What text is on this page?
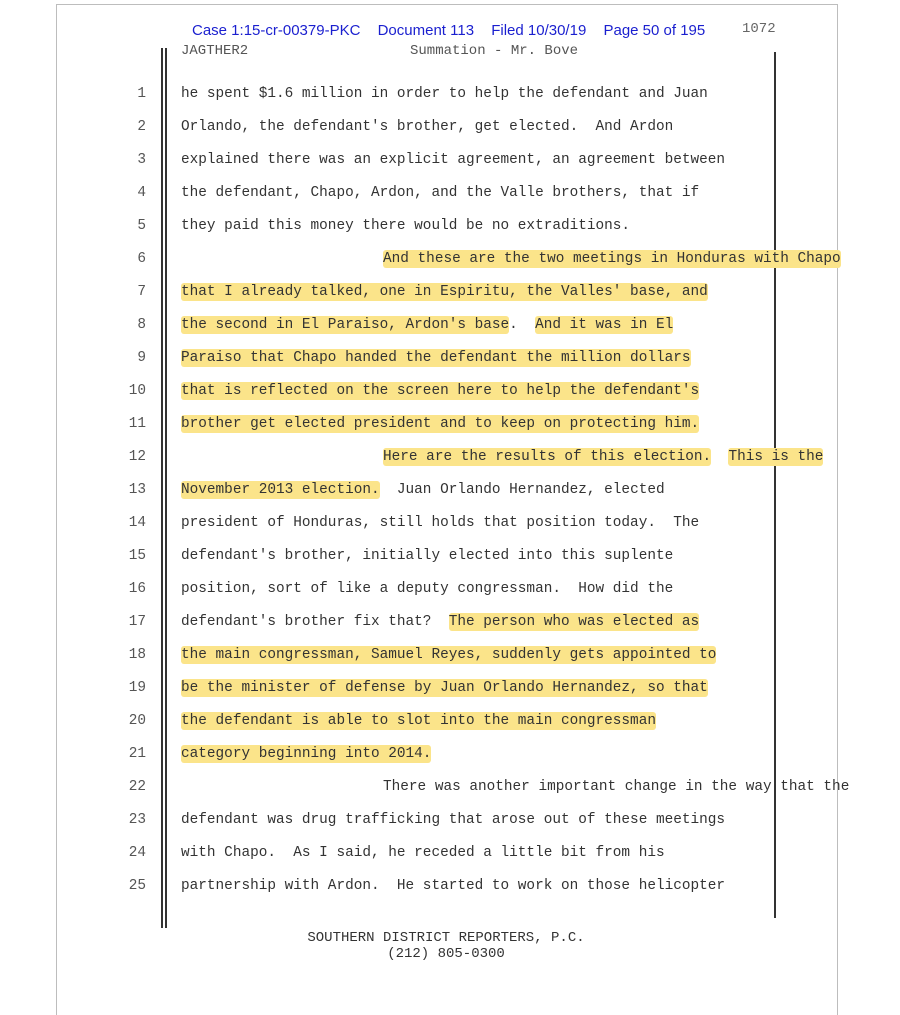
Case 1:15-cr-00379-PKC Document 113 Filed 10/30/19 Page 50 of 195	1072
JAGTHER2	Summation - Mr. Bove
1 he spent $1.6 million in order to help the defendant and Juan
2 Orlando, the defendant's brother, get elected.  And Ardon
3 explained there was an explicit agreement, an agreement between
4 the defendant, Chapo, Ardon, and the Valle brothers, that if
5 they paid this money there would be no extraditions.
6	And these are the two meetings in Honduras with Chapo
7 that I already talked, one in Espiritu, the Valles' base, and
8 the second in El Paraiso, Ardon's base.  And it was in El
9 Paraiso that Chapo handed the defendant the million dollars
10 that is reflected on the screen here to help the defendant's
11 brother get elected president and to keep on protecting him.
12	Here are the results of this election. This is the
13 November 2013 election.  Juan Orlando Hernandez, elected
14 president of Honduras, still holds that position today.  The
15 defendant's brother, initially elected into this suplente
16 position, sort of like a deputy congressman.  How did the
17 defendant's brother fix that?  The person who was elected as
18 the main congressman, Samuel Reyes, suddenly gets appointed to
19 be the minister of defense by Juan Orlando Hernandez, so that
20 the defendant is able to slot into the main congressman
21 category beginning into 2014.
22	There was another important change in the way that the
23 defendant was drug trafficking that arose out of these meetings
24 with Chapo.  As I said, he receded a little bit from his
25 partnership with Ardon.  He started to work on those helicopter
SOUTHERN DISTRICT REPORTERS, P.C.
(212) 805-0300
